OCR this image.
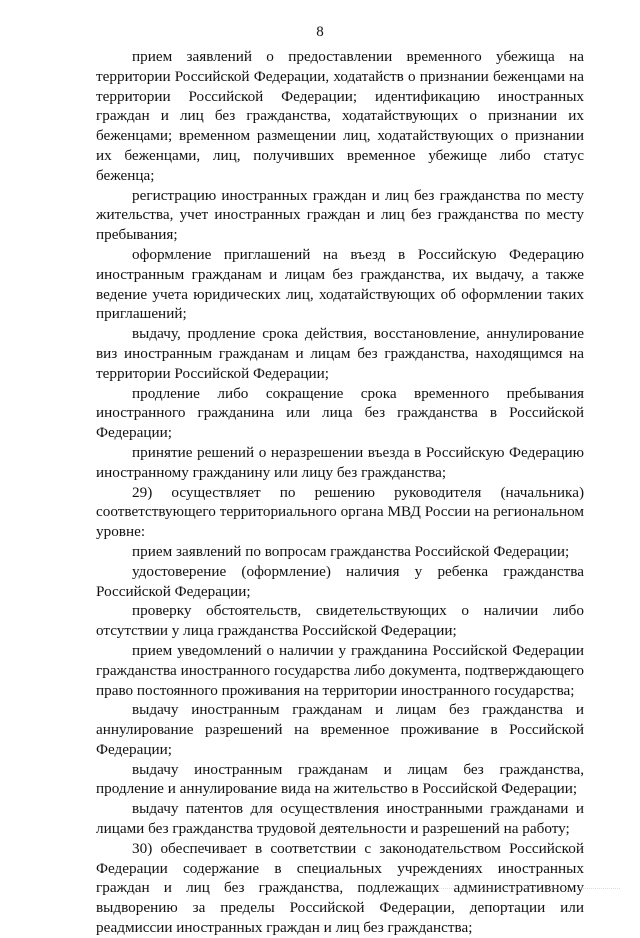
8

прием заявлений о предоставлении временного убежища на территории Российской Федерации, ходатайств о признании беженцами на территории Российской Федерации; идентификацию иностранных граждан и лиц без гражданства, ходатайствующих о признании их беженцами; временном размещении лиц, ходатайствующих о признании их беженцами, лиц, получивших временное убежище либо статус беженца;

регистрацию иностранных граждан и лиц без гражданства по месту жительства, учет иностранных граждан и лиц без гражданства по месту пребывания;

оформление приглашений на въезд в Российскую Федерацию иностранным гражданам и лицам без гражданства, их выдачу, а также ведение учета юридических лиц, ходатайствующих об оформлении таких приглашений;

выдачу, продление срока действия, восстановление, аннулирование виз иностранным гражданам и лицам без гражданства, находящимся на территории Российской Федерации;

продление либо сокращение срока временного пребывания иностранного гражданина или лица без гражданства в Российской Федерации;

принятие решений о неразрешении въезда в Российскую Федерацию иностранному гражданину или лицу без гражданства;

29) осуществляет по решению руководителя (начальника) соответствующего территориального органа МВД России на региональном уровне:

прием заявлений по вопросам гражданства Российской Федерации;

удостоверение (оформление) наличия у ребенка гражданства Российской Федерации;

проверку обстоятельств, свидетельствующих о наличии либо отсутствии у лица гражданства Российской Федерации;

прием уведомлений о наличии у гражданина Российской Федерации гражданства иностранного государства либо документа, подтверждающего право постоянного проживания на территории иностранного государства;

выдачу иностранным гражданам и лицам без гражданства и аннулирование разрешений на временное проживание в Российской Федерации;

выдачу иностранным гражданам и лицам без гражданства, продление и аннулирование вида на жительство в Российской Федерации;

выдачу патентов для осуществления иностранными гражданами и лицами без гражданства трудовой деятельности и разрешений на работу;

30) обеспечивает в соответствии с законодательством Российской Федерации содержание в специальных учреждениях иностранных граждан и лиц без гражданства, подлежащих административному выдворению за пределы Российской Федерации, депортации или реадмиссии иностранных граждан и лиц без гражданства;
